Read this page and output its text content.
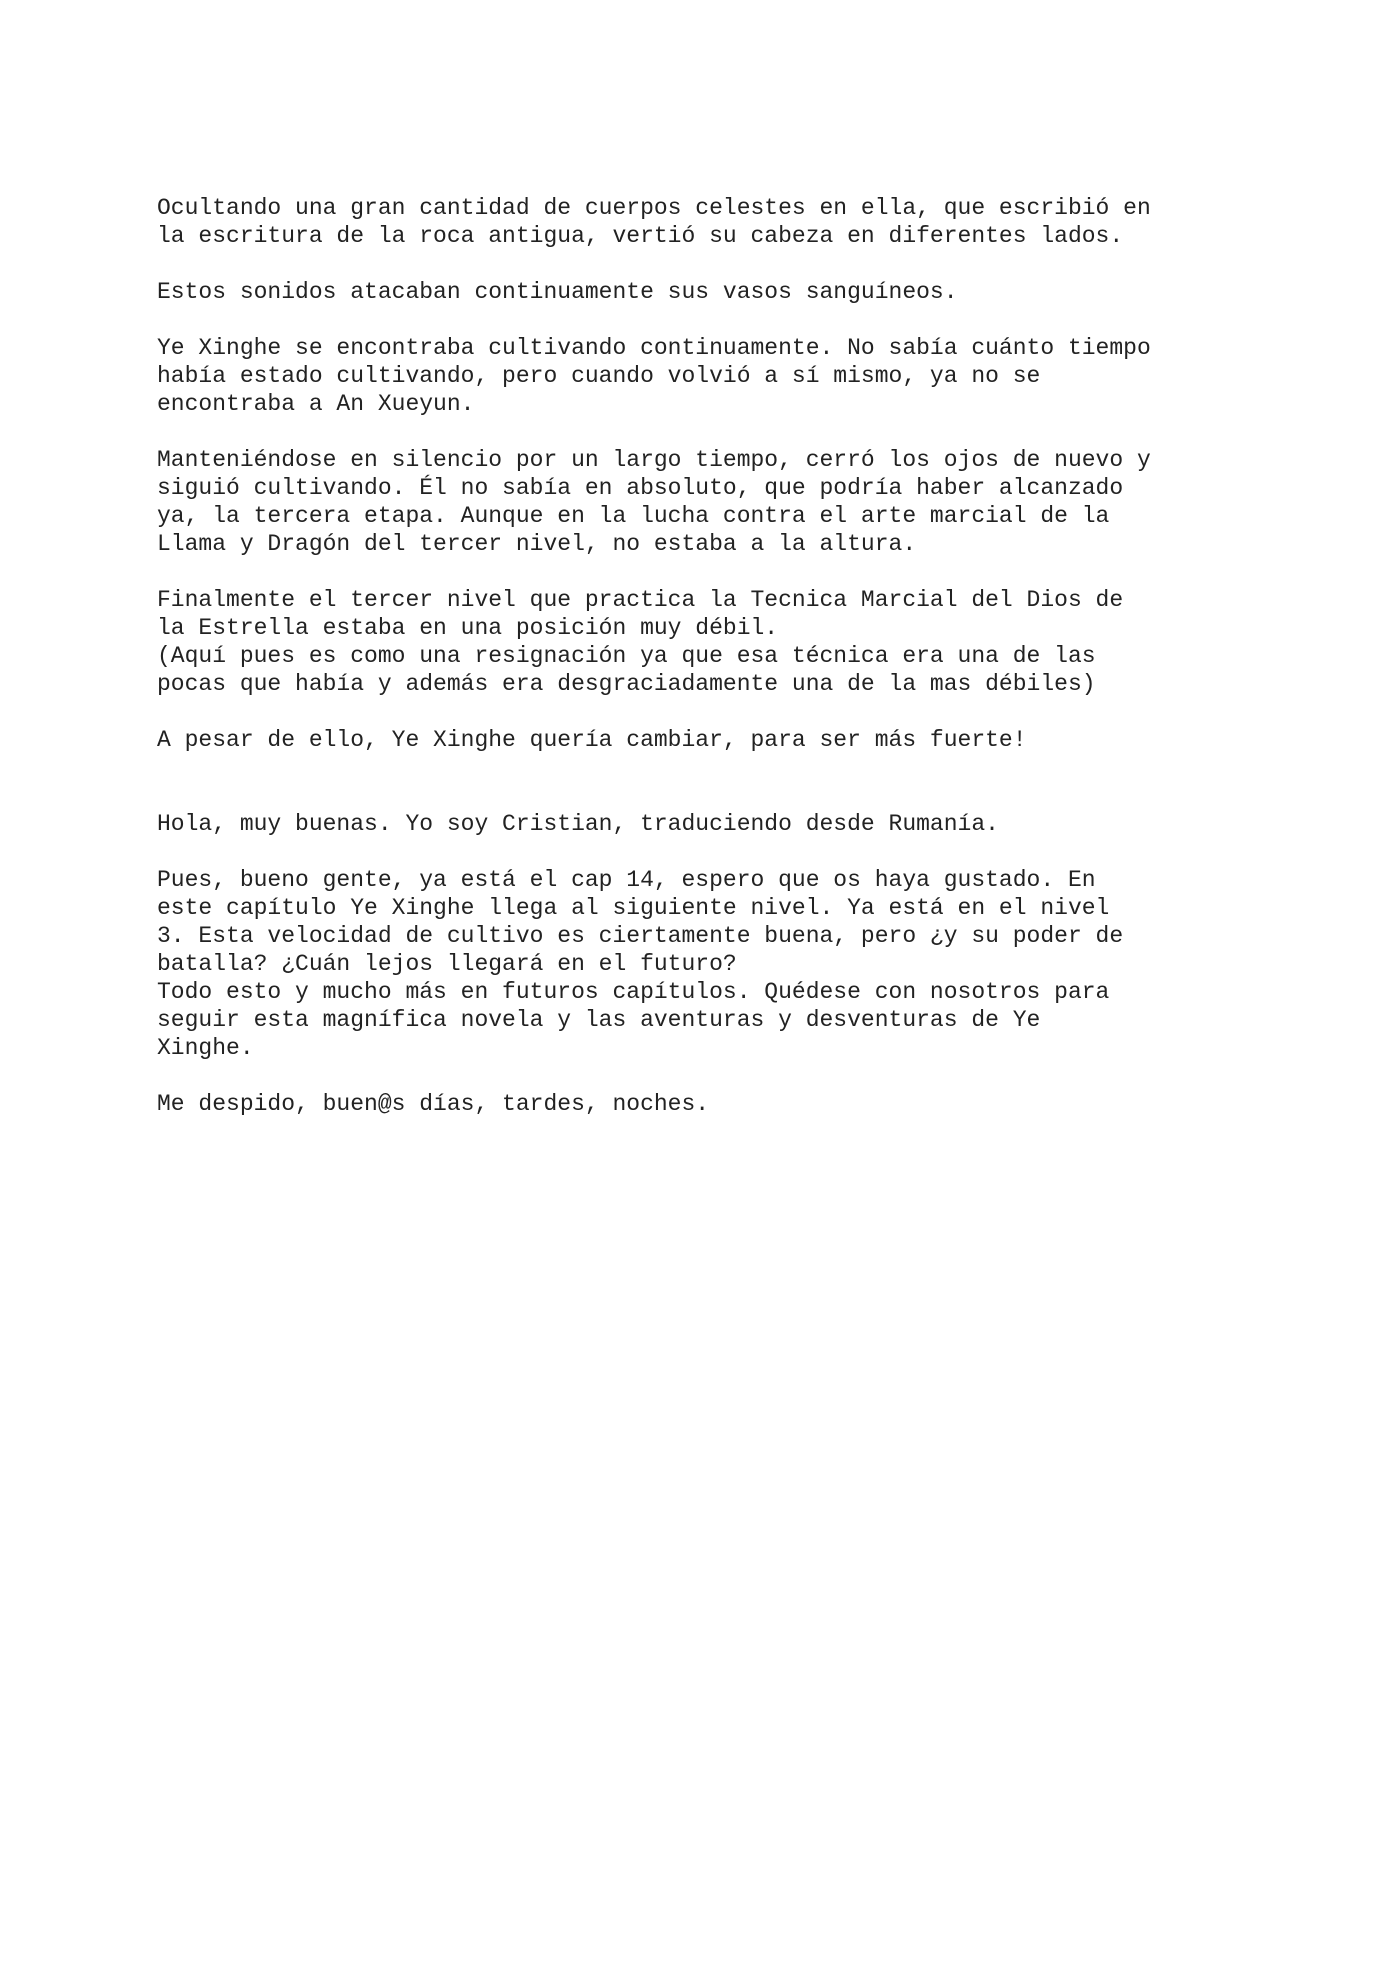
Ocultando una gran cantidad de cuerpos celestes en ella, que escribió en
la escritura de la roca antigua, vertió su cabeza en diferentes lados.

Estos sonidos atacaban continuamente sus vasos sanguíneos.

Ye Xinghe se encontraba cultivando continuamente. No sabía cuánto tiempo
había estado cultivando, pero cuando volvió a sí mismo, ya no se
encontraba a An Xueyun.

Manteniéndose en silencio por un largo tiempo, cerró los ojos de nuevo y
siguió cultivando. Él no sabía en absoluto, que podría haber alcanzado
ya, la tercera etapa. Aunque en la lucha contra el arte marcial de la
Llama y Dragón del tercer nivel, no estaba a la altura.

Finalmente el tercer nivel que practica la Tecnica Marcial del Dios de
la Estrella estaba en una posición muy débil.
(Aquí pues es como una resignación ya que esa técnica era una de las
pocas que había y además era desgraciadamente una de la mas débiles)

A pesar de ello, Ye Xinghe quería cambiar, para ser más fuerte!

Hola, muy buenas. Yo soy Cristian, traduciendo desde Rumanía.

Pues, bueno gente, ya está el cap 14, espero que os haya gustado. En
este capítulo Ye Xinghe llega al siguiente nivel. Ya está en el nivel
3. Esta velocidad de cultivo es ciertamente buena, pero ¿y su poder de
batalla? ¿Cuán lejos llegará en el futuro?
Todo esto y mucho más en futuros capítulos. Quédese con nosotros para
seguir esta magnífica novela y las aventuras y desventuras de Ye
Xinghe.

Me despido, buen@s días, tardes, noches.
